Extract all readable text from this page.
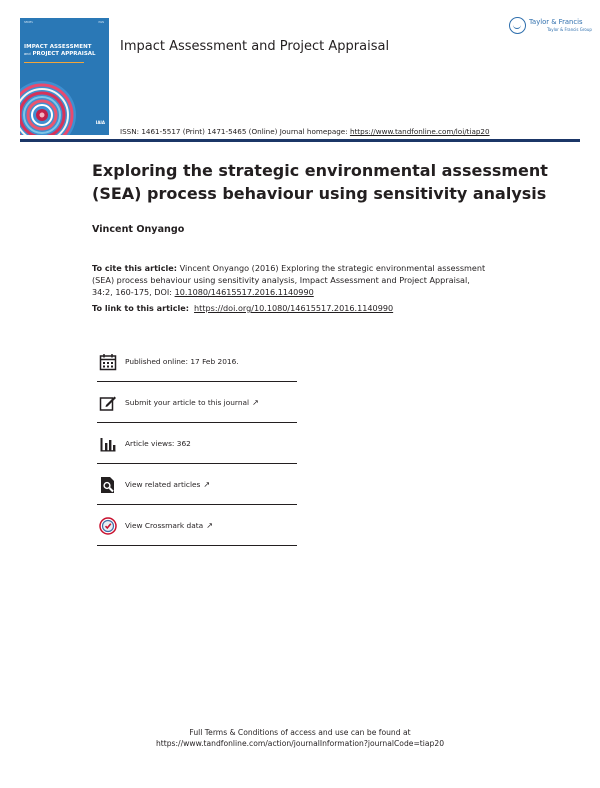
SERIES	ISSN
IMPACT ASSESSMENT
and PROJECT APPRAISAL
IAIA
Impact Assessment and Project Appraisal
ISSN: 1461-5517 (Print) 1471-5465 (Online) Journal homepage: https://www.tandfonline.com/loi/tiap20
Taylor & Francis
Taylor & Francis Group
Exploring the strategic environmental assessment (SEA) process behaviour using sensitivity analysis
Vincent Onyango
To cite this article: Vincent Onyango (2016) Exploring the strategic environmental assessment (SEA) process behaviour using sensitivity analysis, Impact Assessment and Project Appraisal, 34:2, 160-175, DOI: 10.1080/14615517.2016.1140990
To link to this article: https://doi.org/10.1080/14615517.2016.1140990
Published online: 17 Feb 2016.
Submit your article to this journal ↗︎
Article views: 362
View related articles ↗︎
View Crossmark data ↗︎
Full Terms & Conditions of access and use can be found at
https://www.tandfonline.com/action/journalInformation?journalCode=tiap20
